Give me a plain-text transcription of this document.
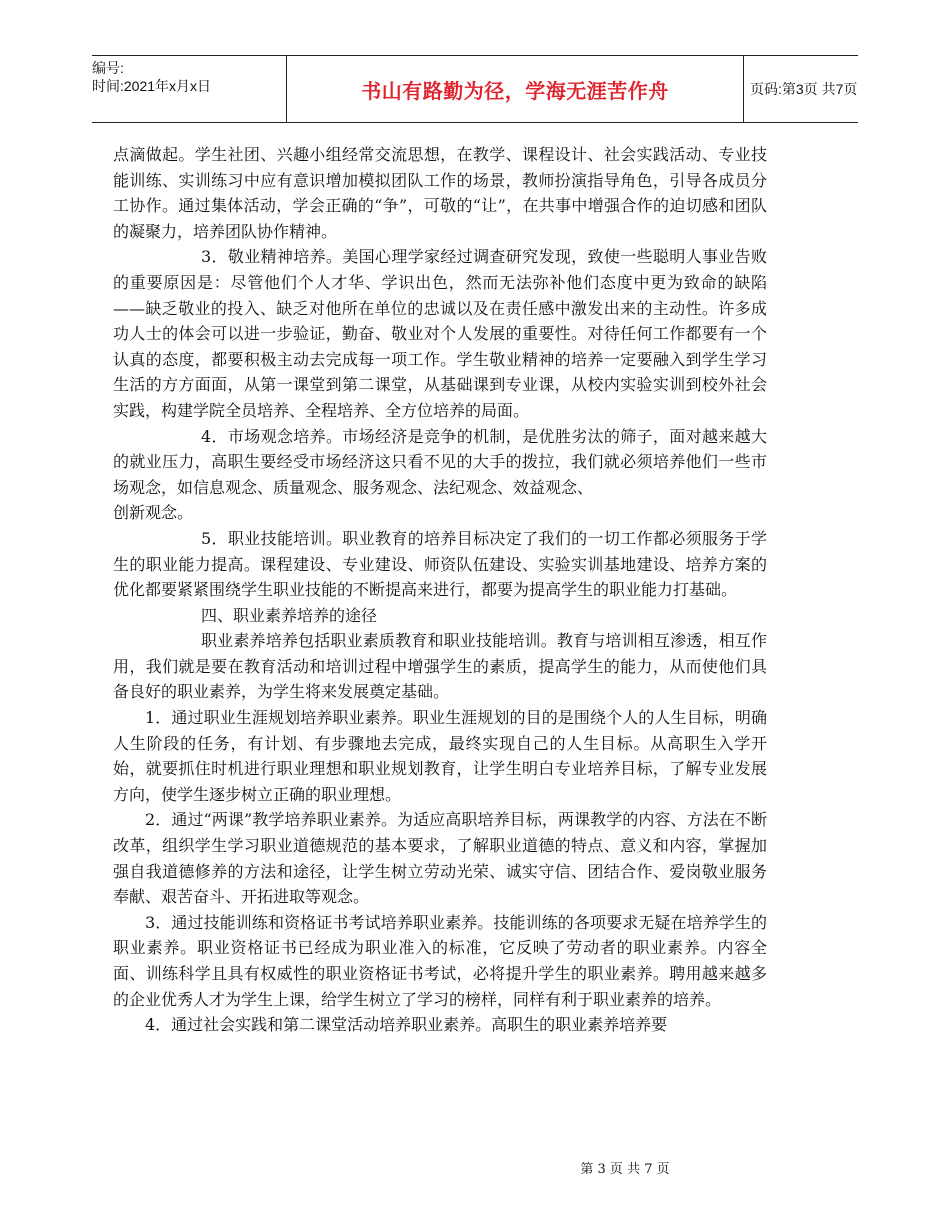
编号:
时间:2021年x月x日	书山有路勤为径，学海无涯苦作舟	页码:第3页 共7页

点滴做起。学生社团、兴趣小组经常交流思想，在教学、课程设计、社会实践活动、专业技能训练、实训练习中应有意识增加模拟团队工作的场景，教师扮演指导角色，引导各成员分工协作。通过集体活动，学会正确的“争”，可敬的“让”，在共事中增强合作的迫切感和团队的凝聚力，培养团队协作精神。

3．敬业精神培养。美国心理学家经过调查研究发现，致使一些聪明人事业告败的重要原因是：尽管他们个人才华、学识出色，然而无法弥补他们态度中更为致命的缺陷——缺乏敬业的投入、缺乏对他所在单位的忠诚以及在责任感中激发出来的主动性。许多成功人士的体会可以进一步验证，勤奋、敬业对个人发展的重要性。对待任何工作都要有一个认真的态度，都要积极主动去完成每一项工作。学生敬业精神的培养一定要融入到学生学习生活的方方面面，从第一课堂到第二课堂，从基础课到专业课，从校内实验实训到校外社会实践，构建学院全员培养、全程培养、全方位培养的局面。

4．市场观念培养。市场经济是竞争的机制，是优胜劣汰的筛子，面对越来越大的就业压力，高职生要经受市场经济这只看不见的大手的拨拉，我们就必须培养他们一些市场观念，如信息观念、质量观念、服务观念、法纪观念、效益观念、

创新观念。

5．职业技能培训。职业教育的培养目标决定了我们的一切工作都必须服务于学生的职业能力提高。课程建设、专业建设、师资队伍建设、实验实训基地建设、培养方案的优化都要紧紧围绕学生职业技能的不断提高来进行，都要为提高学生的职业能力打基础。

四、职业素养培养的途径

职业素养培养包括职业素质教育和职业技能培训。教育与培训相互渗透，相互作用，我们就是要在教育活动和培训过程中增强学生的素质，提高学生的能力，从而使他们具备良好的职业素养，为学生将来发展奠定基础。

1．通过职业生涯规划培养职业素养。职业生涯规划的目的是围绕个人的人生目标，明确人生阶段的任务，有计划、有步骤地去完成，最终实现自己的人生目标。从高职生入学开始，就要抓住时机进行职业理想和职业规划教育，让学生明白专业培养目标，了解专业发展方向，使学生逐步树立正确的职业理想。

2．通过“两课”教学培养职业素养。为适应高职培养目标，两课教学的内容、方法在不断改革，组织学生学习职业道德规范的基本要求，了解职业道德的特点、意义和内容，掌握加强自我道德修养的方法和途径，让学生树立劳动光荣、诚实守信、团结合作、爱岗敬业服务奉献、艰苦奋斗、开拓进取等观念。

3．通过技能训练和资格证书考试培养职业素养。技能训练的各项要求无疑在培养学生的职业素养。职业资格证书已经成为职业准入的标准，它反映了劳动者的职业素养。内容全面、训练科学且具有权威性的职业资格证书考试，必将提升学生的职业素养。聘用越来越多的企业优秀人才为学生上课，给学生树立了学习的榜样，同样有利于职业素养的培养。

4．通过社会实践和第二课堂活动培养职业素养。高职生的职业素养培养要

第 3 页 共 7 页
